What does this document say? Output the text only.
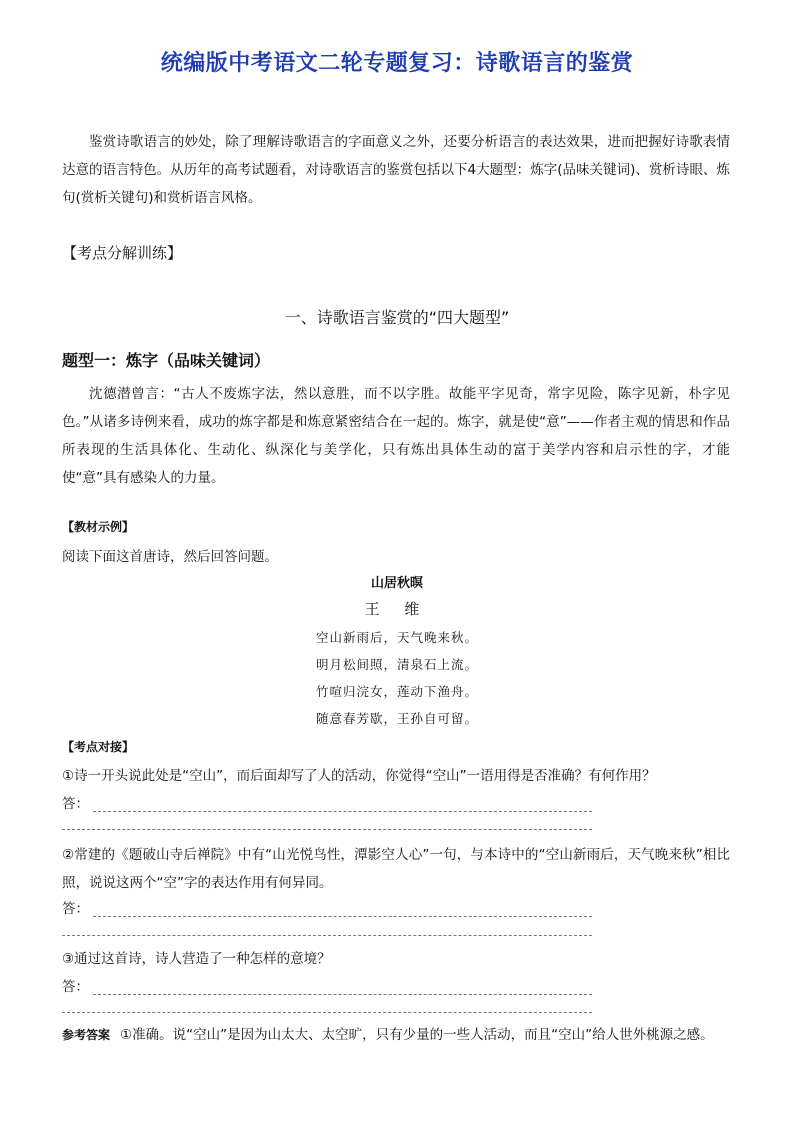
统编版中考语文二轮专题复习：诗歌语言的鉴赏
鉴赏诗歌语言的妙处，除了理解诗歌语言的字面意义之外，还要分析语言的表达效果，进而把握好诗歌表情达意的语言特色。从历年的高考试题看，对诗歌语言的鉴赏包括以下4大题型：炼字(品味关键词)、赏析诗眼、炼句(赏析关键句)和赏析语言风格。
【考点分解训练】
一、诗歌语言鉴赏的“四大题型”
题型一：炼字（品味关键词）
沈德潜曾言：“古人不废炼字法，然以意胜，而不以字胜。故能平字见奇，常字见险，陈字见新，朴字见色。”从诸多诗例来看，成功的炼字都是和炼意紧密结合在一起的。炼字，就是使“意”——作者主观的情思和作品所表现的生活具体化、生动化、纵深化与美学化，只有炼出具体生动的富于美学内容和启示性的字，才能使“意”具有感染人的力量。
【教材示例】
阅读下面这首唐诗，然后回答问题。
山居秋暝
王 维
空山新雨后，天气晚来秋。
明月松间照，清泉石上流。
竹喧归浣女，莲动下渔舟。
随意春芳歇，王孙自可留。
【考点对接】
①诗一开头说此处是“空山”，而后面却写了人的活动，你觉得“空山”一语用得是否准确？有何作用？
答：
②常建的《题破山寺后禅院》中有“山光悦鸟性，潭影空人心”一句，与本诗中的“空山新雨后，天气晚来秋”相比照，说说这两个“空”字的表达作用有何异同。
答：
③通过这首诗，诗人营造了一种怎样的意境？
答：
参考答案 ①准确。说“空山”是因为山太大、太空旷，只有少量的一些人活动，而且“空山”给人世外桃源之感。
